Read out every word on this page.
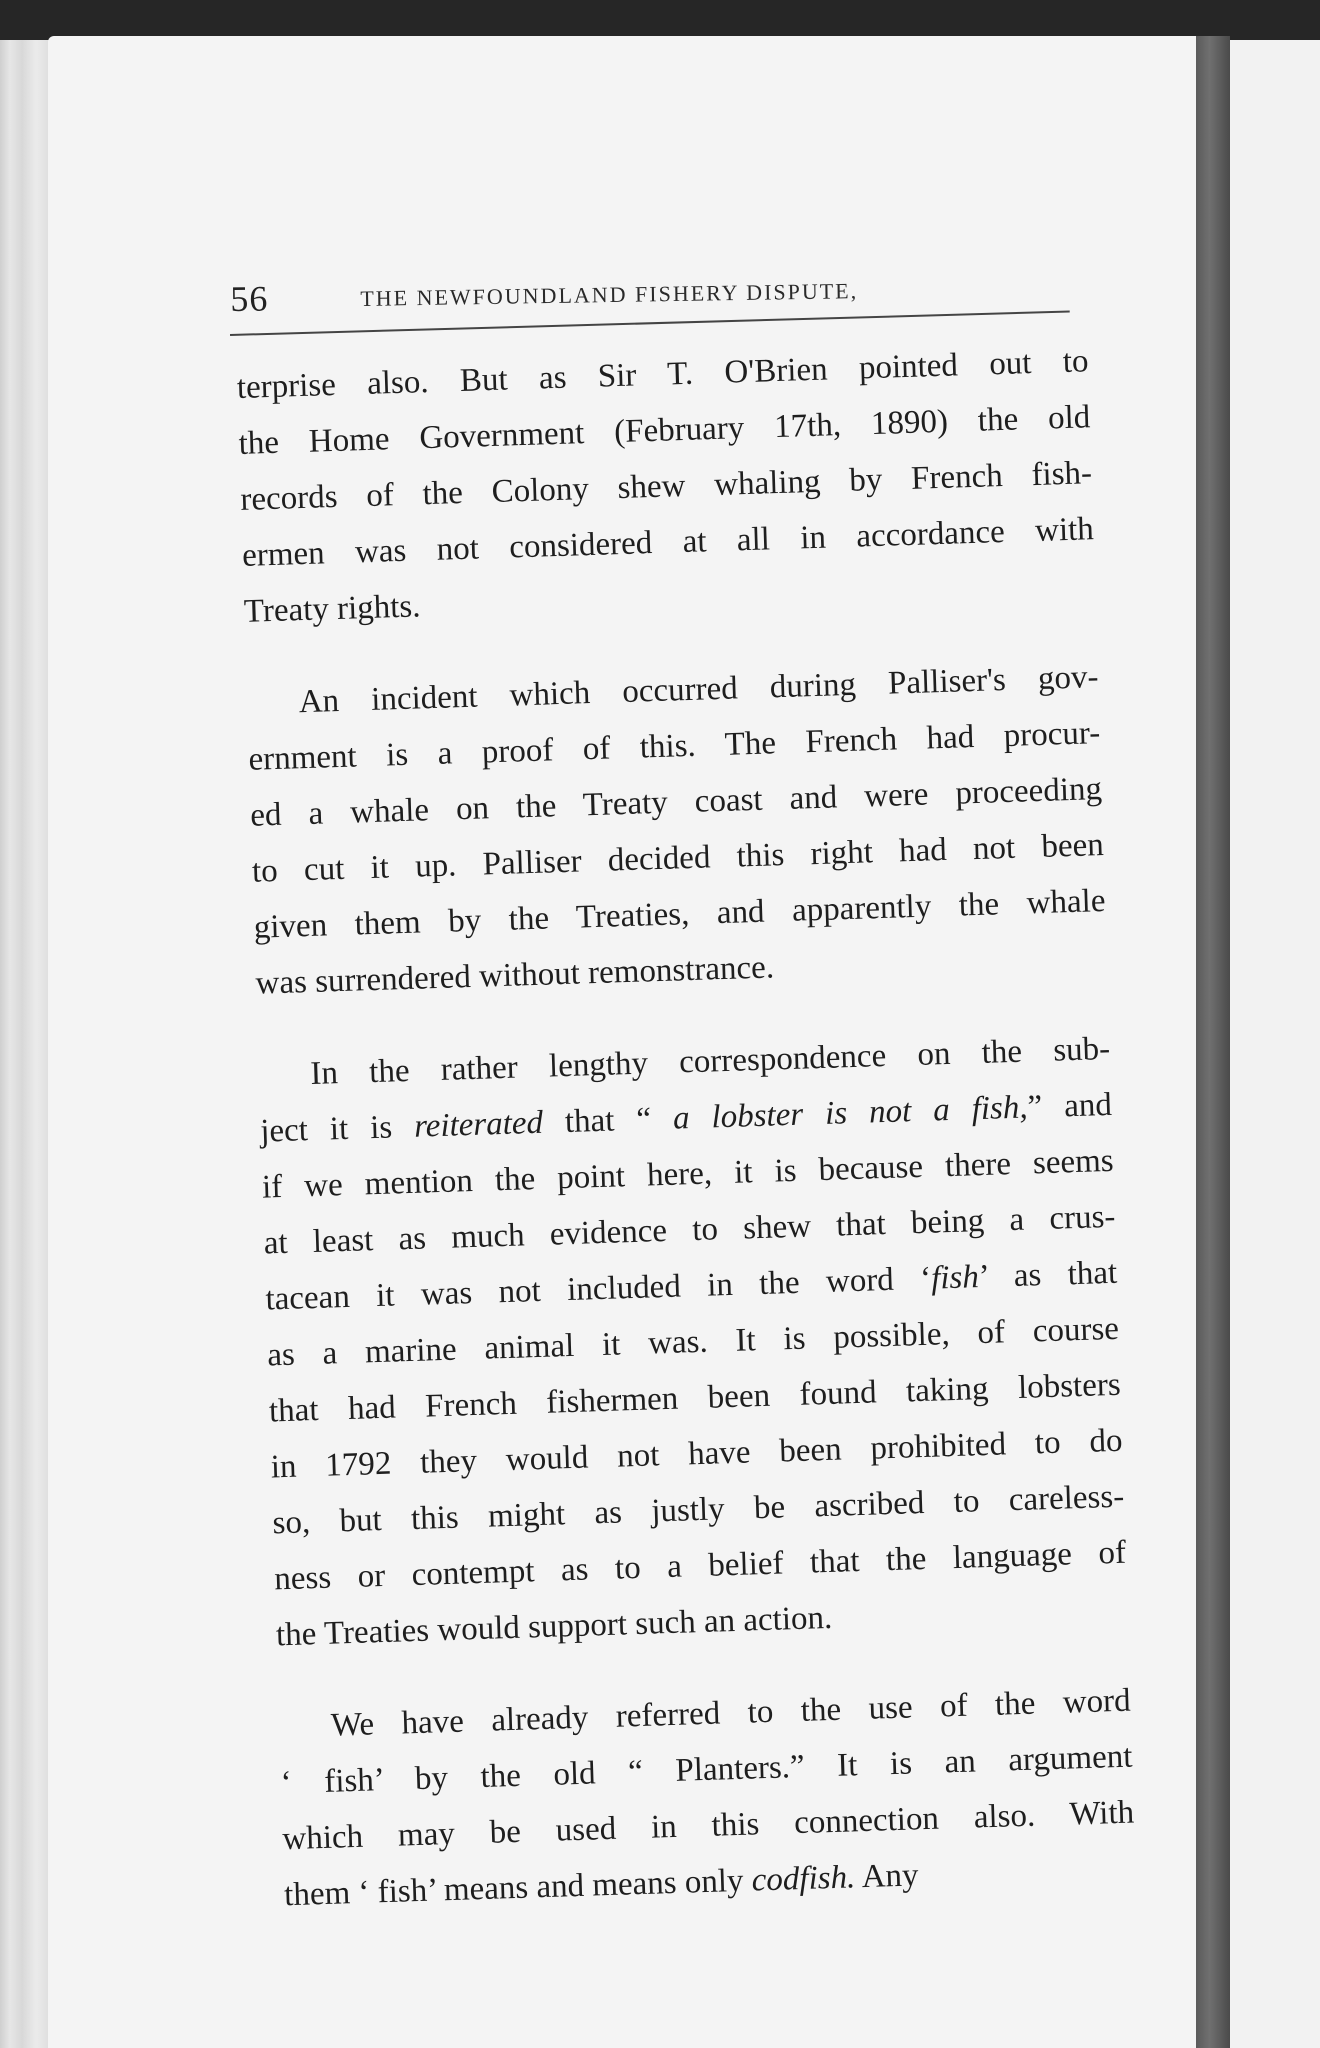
56	THE NEWFOUNDLAND FISHERY DISPUTE,

terprise also. But as Sir T. O'Brien pointed out to
the Home Government (February 17th, 1890) the old
records of the Colony shew whaling by French fish-
ermen was not considered at all in accordance with
Treaty rights.

An incident which occurred during Palliser's gov-
ernment is a proof of this. The French had procur-
ed a whale on the Treaty coast and were proceeding
to cut it up. Palliser decided this right had not been
given them by the Treaties, and apparently the whale
was surrendered without remonstrance.

In the rather lengthy correspondence on the sub-
ject it is reiterated that “ a lobster is not a fish,” and
if we mention the point here, it is because there seems
at least as much evidence to shew that being a crus-
tacean it was not included in the word ‘fish’ as that
as a marine animal it was. It is possible, of course
that had French fishermen been found taking lobsters
in 1792 they would not have been prohibited to do
so, but this might as justly be ascribed to careless-
ness or contempt as to a belief that the language of
the Treaties would support such an action.

We have already referred to the use of the word
‘ fish’ by the old “ Planters.” It is an argument
which may be used in this connection also. With
them ‘ fish’ means and means only codfish. Any
